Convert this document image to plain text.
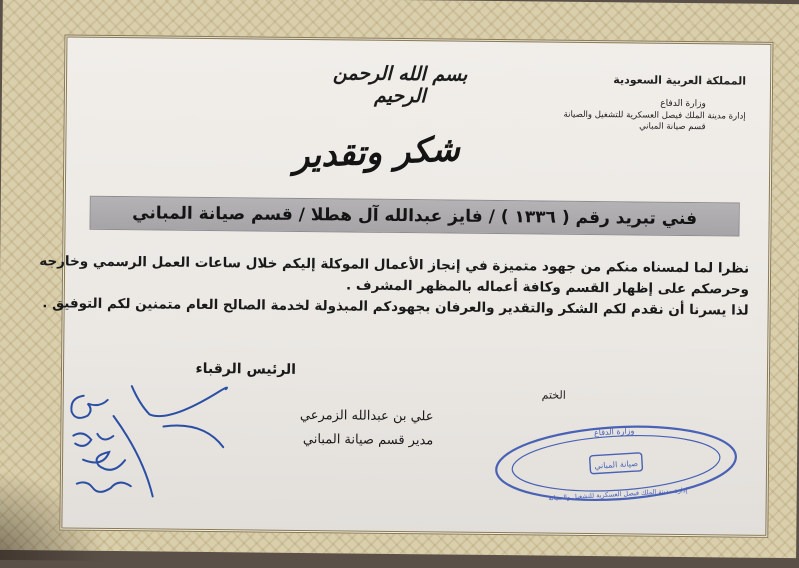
بسم الله الرحمن الرحيم
المملكة العربية السعودية
وزارة الدفاع
إدارة مدينة الملك فيصل العسكرية للتشغيل والصيانة
قسم صيانة المباني
شكر وتقدير
فني تبريد رقم ( ١٣٣٦ ) / فايز عبدالله آل هطلا / قسم صيانة المباني
نظرا لما لمسناه منكم من جهود متميزة في إنجاز الأعمال الموكلة إليكم خلال ساعات العمل الرسمي وخارجه
وحرصكم على إظهار القسم وكافة أعماله بالمظهر المشرف .
لذا يسرنا أن نقدم لكم الشكر والتقدير والعرفان بجهودكم المبذولة لخدمة الصالح العام متمنين لكم التوفيق .
الرئيس الرقباء
علي بن عبدالله الزمرعي
مدير قسم صيانة المباني
الختم
وزارة الدفاع
صيانة المباني
إدارة مدينة الملك فيصل العسكرية للتشغيل والصيانة
